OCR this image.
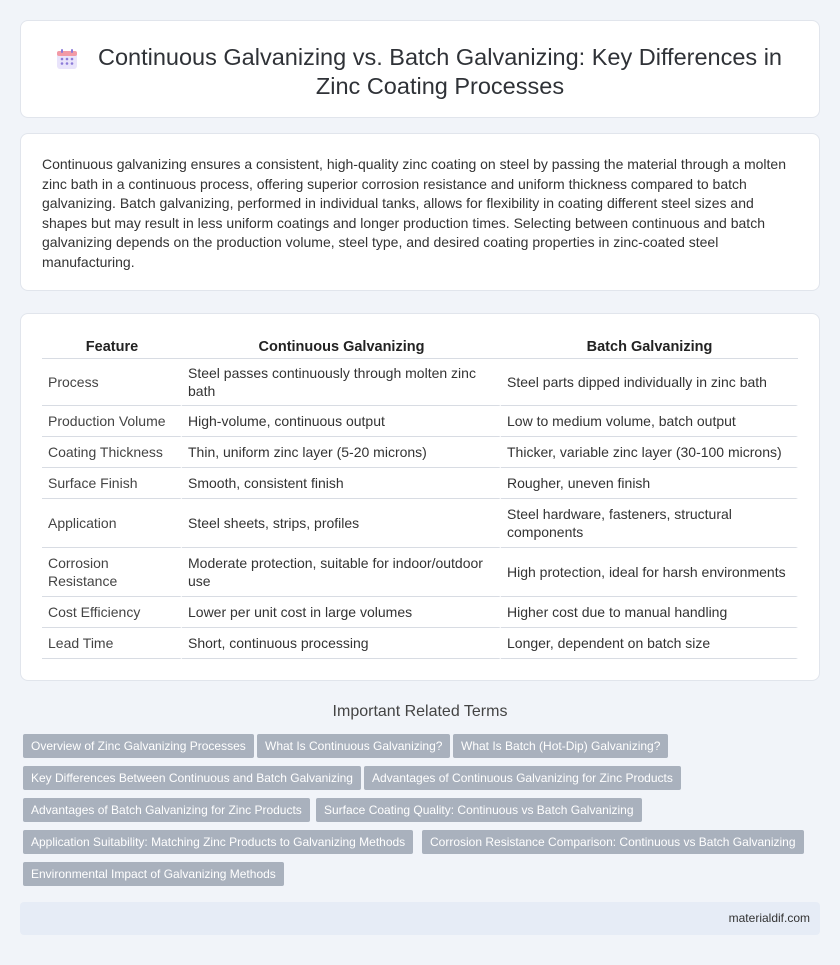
Continuous Galvanizing vs. Batch Galvanizing: Key Differences in Zinc Coating Processes

Continuous galvanizing ensures a consistent, high-quality zinc coating on steel by passing the material through a molten zinc bath in a continuous process, offering superior corrosion resistance and uniform thickness compared to batch galvanizing. Batch galvanizing, performed in individual tanks, allows for flexibility in coating different steel sizes and shapes but may result in less uniform coatings and longer production times. Selecting between continuous and batch galvanizing depends on the production volume, steel type, and desired coating properties in zinc-coated steel manufacturing.

Feature	Continuous Galvanizing	Batch Galvanizing
Process	Steel passes continuously through molten zinc bath	Steel parts dipped individually in zinc bath
Production Volume	High-volume, continuous output	Low to medium volume, batch output
Coating Thickness	Thin, uniform zinc layer (5-20 microns)	Thicker, variable zinc layer (30-100 microns)
Surface Finish	Smooth, consistent finish	Rougher, uneven finish
Application	Steel sheets, strips, profiles	Steel hardware, fasteners, structural components
Corrosion Resistance	Moderate protection, suitable for indoor/outdoor use	High protection, ideal for harsh environments
Cost Efficiency	Lower per unit cost in large volumes	Higher cost due to manual handling
Lead Time	Short, continuous processing	Longer, dependent on batch size
Important Related Terms
Overview of Zinc Galvanizing Processes	What Is Continuous Galvanizing?	What Is Batch (Hot-Dip) Galvanizing?
Key Differences Between Continuous and Batch Galvanizing	Advantages of Continuous Galvanizing for Zinc Products
Advantages of Batch Galvanizing for Zinc Products	Surface Coating Quality: Continuous vs Batch Galvanizing
Application Suitability: Matching Zinc Products to Galvanizing Methods	Corrosion Resistance Comparison: Continuous vs Batch Galvanizing
Environmental Impact of Galvanizing Methods
materialdif.com
